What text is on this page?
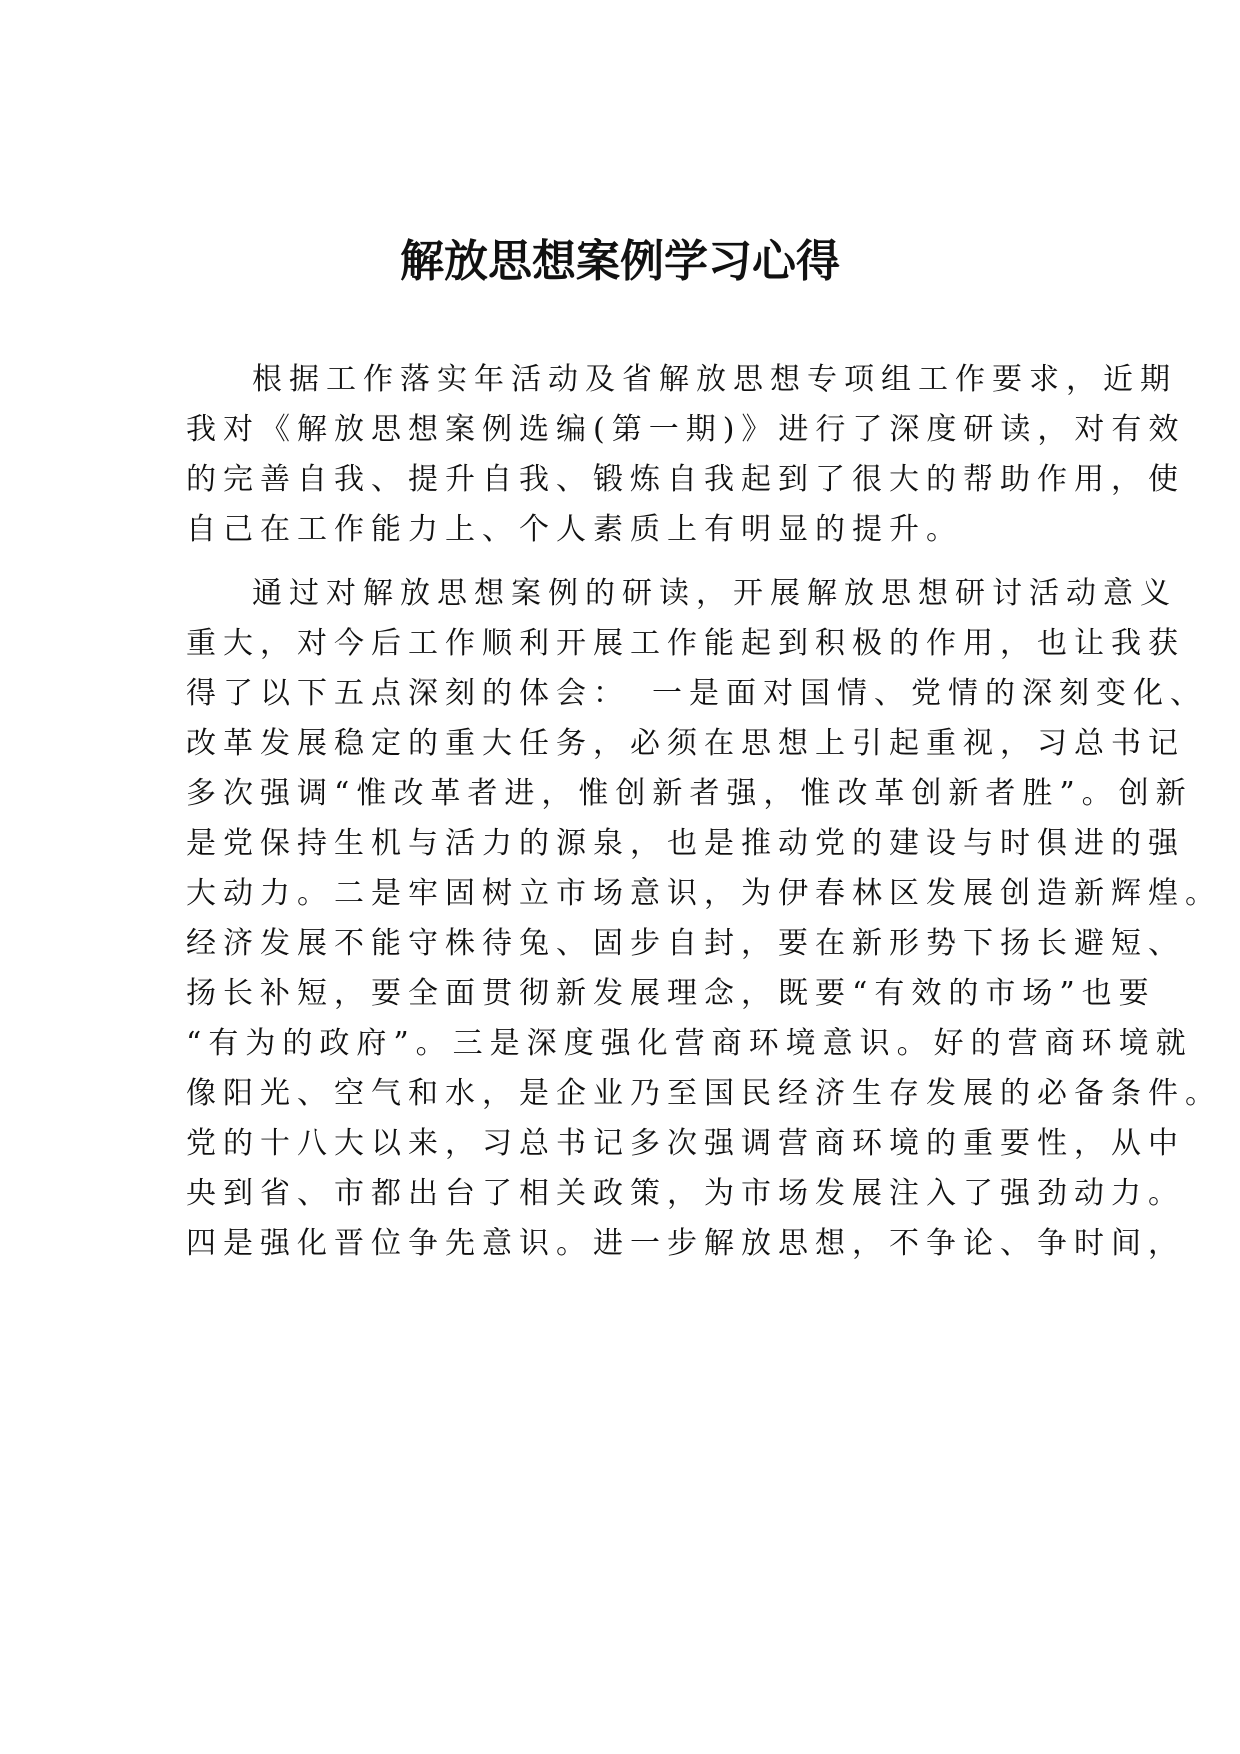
解放思想案例学习心得

根据工作落实年活动及省解放思想专项组工作要求，近期
我对《解放思想案例选编(第一期)》进行了深度研读，对有效
的完善自我、提升自我、锻炼自我起到了很大的帮助作用，使
自己在工作能力上、个人素质上有明显的提升。

通过对解放思想案例的研读，开展解放思想研讨活动意义
重大，对今后工作顺利开展工作能起到积极的作用，也让我获
得了以下五点深刻的体会：　一是面对国情、党情的深刻变化、
改革发展稳定的重大任务，必须在思想上引起重视，习总书记
多次强调“惟改革者进，惟创新者强，惟改革创新者胜”。创新
是党保持生机与活力的源泉，也是推动党的建设与时俱进的强
大动力。二是牢固树立市场意识，为伊春林区发展创造新辉煌。
经济发展不能守株待兔、固步自封，要在新形势下扬长避短、
扬长补短，要全面贯彻新发展理念，既要“有效的市场”也要
“有为的政府”。三是深度强化营商环境意识。好的营商环境就
像阳光、空气和水，是企业乃至国民经济生存发展的必备条件。
党的十八大以来，习总书记多次强调营商环境的重要性，从中
央到省、市都出台了相关政策，为市场发展注入了强劲动力。
四是强化晋位争先意识。进一步解放思想，不争论、争时间，
